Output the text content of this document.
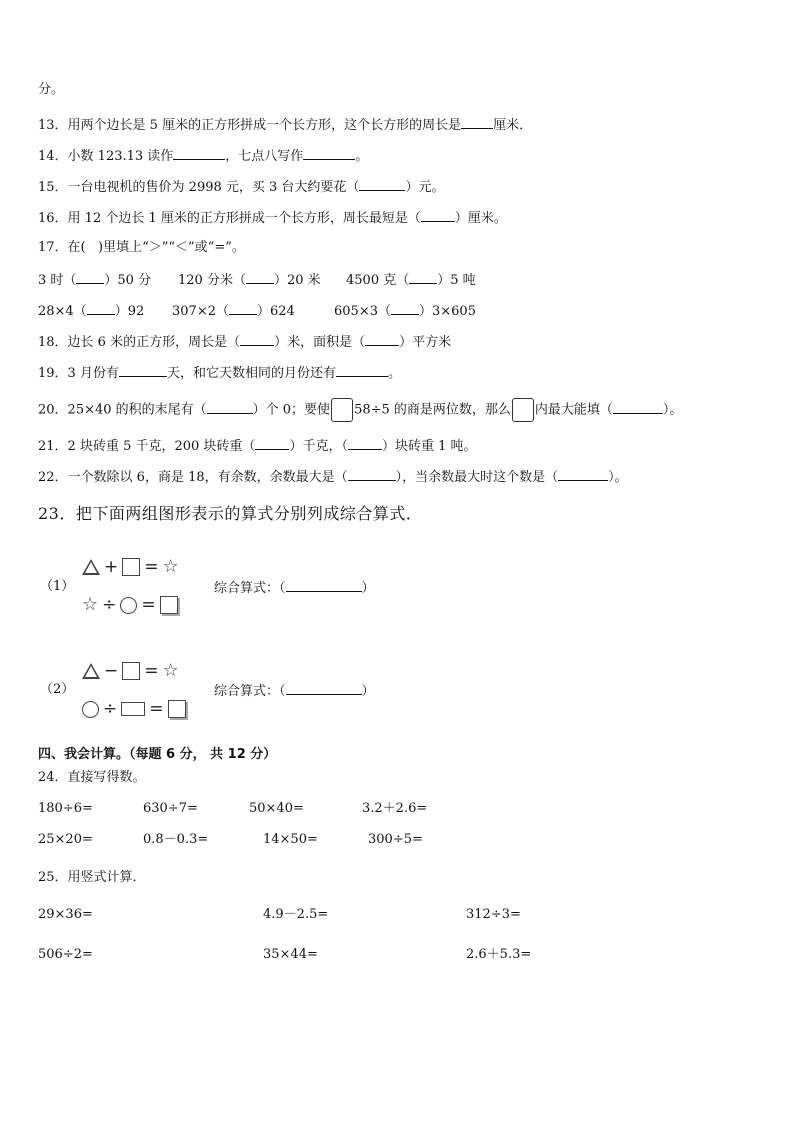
分。
13．用两个边长是 5 厘米的正方形拼成一个长方形，这个长方形的周长是 厘米．
14．小数 123.13 读作	，七点八写作	。
15．一台电视机的售价为 2998 元，买 3 台大约要花（	）元。
16．用 12 个边长 1 厘米的正方形拼成一个长方形，周长最短是（	）厘米。
17．在(   )里填上“＞”“＜”或“=”。
3 时（ ）50 分 120 分米（ ）20 米 4500 克（ ）5 吨
28×4（ ）92 307×2（ ）624	605×3（ ）3×605
18．边长 6 米的正方形，周长是（	）米，面积是（	）平方米
19．3 月份有	天，和它天数相同的月份还有	。
20．25×40 的积的末尾有（	）个 0；要使 58÷5 的商是两位数，那么 内最大能填（	）。
21．2 块砖重 5 千克，200 块砖重（	）千克，（	）块砖重 1 吨。
22．一个数除以 6，商是 18，有余数，余数最大是（	），当余数最大时这个数是（	）。
23．把下面两组图形表示的算式分别列成综合算式．
（1）
+ = ☆
☆ ÷ =
综合算式：（	）
（2）
− = ☆
÷ =
综合算式：（	）
四、我会计算。（每题 6 分， 共 12 分）
24．直接写得数。
180÷6=	630÷7=	50×40=	3.2＋2.6=
25×20=	0.8－0.3=	14×50=	300÷5=
25．用竖式计算．
29×36=	4.9－2.5=	312÷3=
506÷2=	35×44=	2.6＋5.3=
